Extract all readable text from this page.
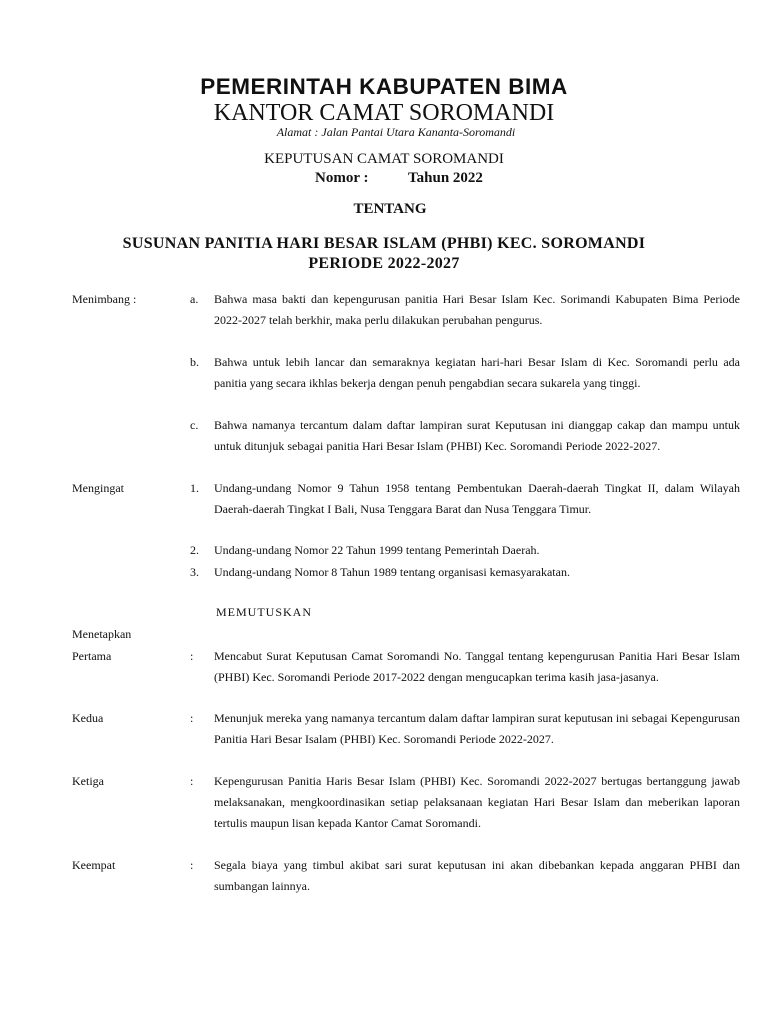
PEMERINTAH KABUPATEN BIMA
KANTOR CAMAT SOROMANDI
Alamat : Jalan Pantai Utara Kananta-Soromandi
KEPUTUSAN CAMAT SOROMANDI
Nomor :	Tahun 2022
TENTANG
SUSUNAN PANITIA HARI BESAR ISLAM (PHBI) KEC. SOROMANDI
PERIODE 2022-2027
Menimbang :	a.	Bahwa masa bakti dan kepengurusan panitia Hari Besar Islam Kec. Sorimandi Kabupaten Bima Periode 2022-2027 telah berkhir, maka perlu dilakukan perubahan pengurus.
b.	Bahwa untuk lebih lancar dan semaraknya kegiatan hari-hari Besar Islam di Kec. Soromandi perlu ada panitia yang secara ikhlas bekerja dengan penuh pengabdian secara sukarela yang tinggi.
c.	Bahwa namanya tercantum dalam daftar lampiran surat Keputusan ini dianggap cakap dan mampu untuk untuk ditunjuk sebagai panitia Hari Besar Islam (PHBI) Kec. Soromandi Periode 2022-2027.
Mengingat	1.	Undang-undang Nomor 9 Tahun 1958 tentang Pembentukan Daerah-daerah Tingkat II, dalam Wilayah Daerah-daerah Tingkat I Bali, Nusa Tenggara Barat dan Nusa Tenggara Timur.
2.	Undang-undang Nomor 22 Tahun 1999 tentang Pemerintah Daerah.
3.	Undang-undang Nomor 8 Tahun 1989 tentang organisasi kemasyarakatan.
MEMUTUSKAN
Menetapkan
Pertama	: Mencabut Surat Keputusan Camat Soromandi No. Tanggal tentang kepengurusan Panitia Hari Besar Islam (PHBI) Kec. Soromandi Periode 2017-2022 dengan mengucapkan terima kasih jasa-jasanya.
Kedua	: Menunjuk mereka yang namanya tercantum dalam daftar lampiran surat keputusan ini sebagai Kepengurusan Panitia Hari Besar Isalam (PHBI) Kec. Soromandi Periode 2022-2027.
Ketiga	: Kepengurusan Panitia Haris Besar Islam (PHBI) Kec. Soromandi 2022-2027 bertugas bertanggung jawab melaksanakan, mengkoordinasikan setiap pelaksanaan kegiatan Hari Besar Islam dan meberikan laporan tertulis maupun lisan kepada Kantor Camat Soromandi.
Keempat	: Segala biaya yang timbul akibat sari surat keputusan ini akan dibebankan kepada anggaran PHBI dan sumbangan lainnya.
